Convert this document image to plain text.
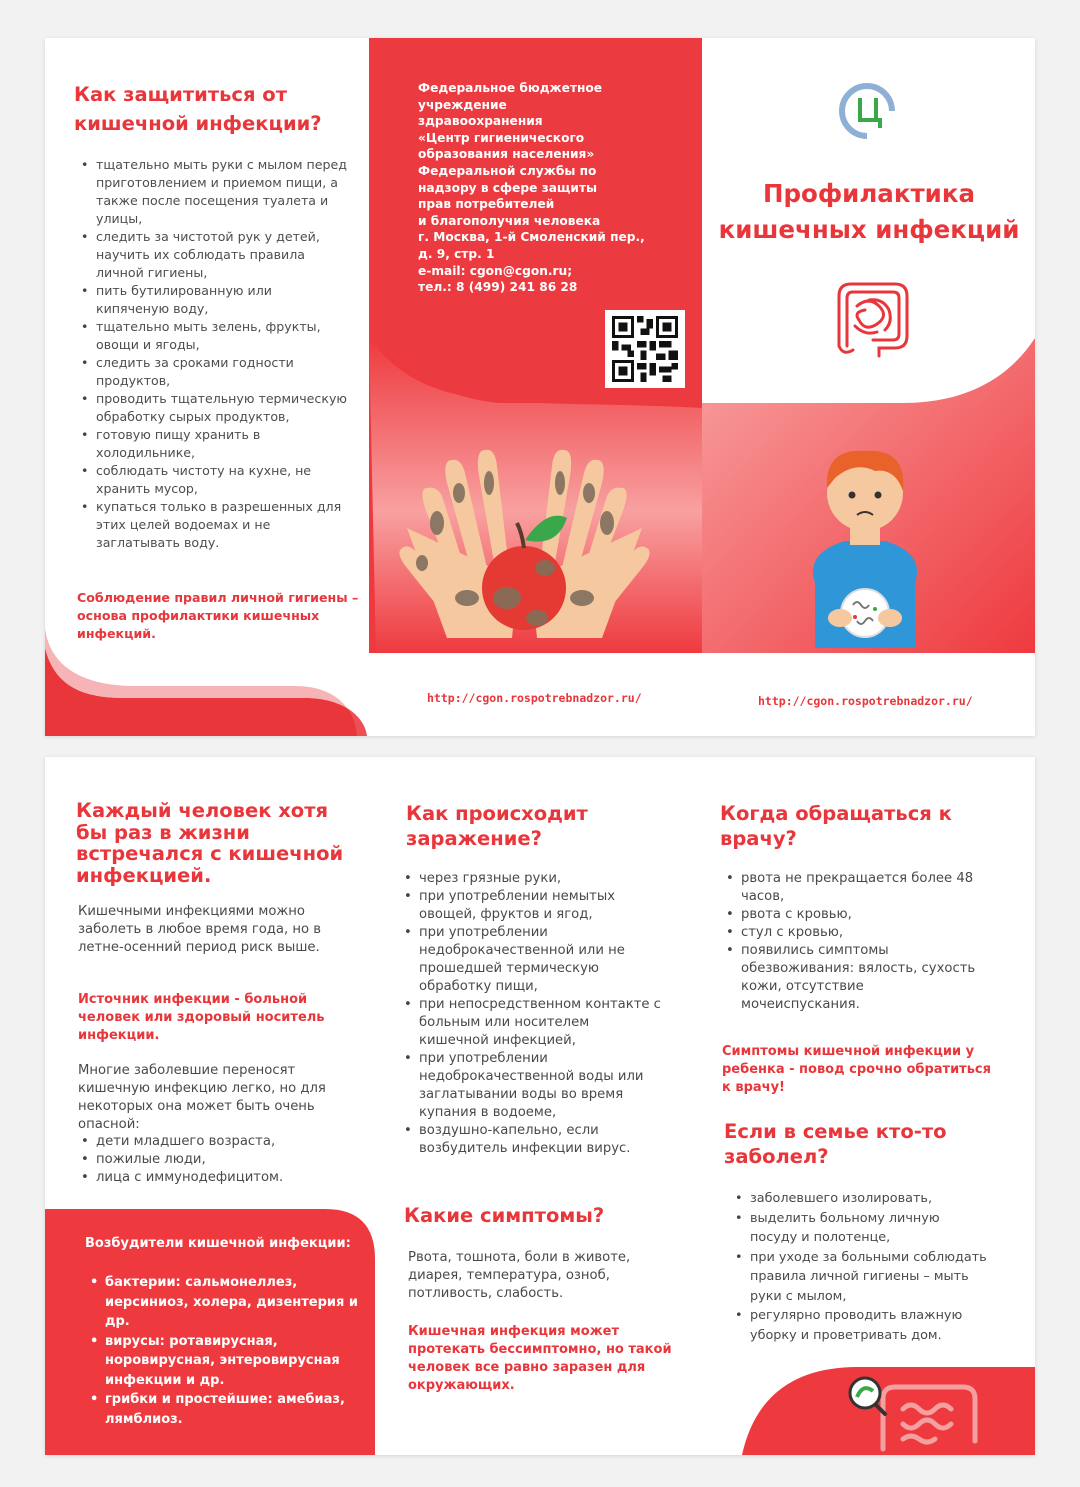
Как защититься от кишечной инфекции?
• тщательно мыть руки с мылом перед приготовлением и приемом пищи, а также после посещения туалета и улицы,
• следить за чистотой рук у детей, научить их соблюдать правила личной гигиены,
• пить бутилированную или кипяченую воду,
• тщательно мыть зелень, фрукты, овощи и ягоды,
• следить за сроками годности продуктов,
• проводить тщательную термическую обработку сырых продуктов,
• готовую пищу хранить в холодильнике,
• соблюдать чистоту на кухне, не хранить мусор,
• купаться только в разрешенных для этих целей водоемах и не заглатывать воду.

Соблюдение правил личной гигиены – основа профилактики кишечных инфекций.

Федеральное бюджетное
учреждение
здравоохранения
«Центр гигиенического
образования населения»
Федеральной службы по
надзору в сфере защиты
прав потребителей
и благополучия человека
г. Москва, 1-й Смоленский пер.,
д. 9, стр. 1
e-mail: cgon@cgon.ru;
тел.: 8 (499) 241 86 28
http://cgon.rospotrebnadzor.ru/
Профилактика
кишечных инфекций
http://cgon.rospotrebnadzor.ru/
Каждый человек хотя бы раз в жизни встречался с кишечной инфекцией.

Кишечными инфекциями можно заболеть в любое время года, но в летне-осенний период риск выше.

Источник инфекции - больной человек или здоровый носитель инфекции.

Многие заболевшие переносят кишечную инфекцию легко, но для некоторых она может быть очень опасной:

• дети младшего возраста,
• пожилые люди,
• лица с иммунодефицитом.
Возбудители кишечной инфекции:
• бактерии: сальмонеллез, иерсиниоз, холера, дизентерия и др.
• вирусы: ротавирусная, норовирусная, энтеровирусная инфекции и др.
• грибки и простейшие: амебиаз, лямблиоз.
Как происходит заражение?
• через грязные руки,
• при употреблении немытых овощей, фруктов и ягод,
• при употреблении недоброкачественной или не прошедшей термическую обработку пищи,
• при непосредственном контакте с больным или носителем кишечной инфекцией,
• при употреблении недоброкачественной воды или заглатывании воды во время купания в водоеме,
• воздушно-капельно, если возбудитель инфекции вирус.
Какие симптомы?

Рвота, тошнота, боли в животе, диарея, температура, озноб, потливость, слабость.

Кишечная инфекция может протекать бессимптомно, но такой человек все равно заразен для окружающих.

Когда обращаться к врачу?
• рвота не прекращается более 48 часов,
• рвота с кровью,
• стул с кровью,
• появились симптомы обезвоживания: вялость, сухость кожи, отсутствие мочеиспускания.

Симптомы кишечной инфекции у ребенка - повод срочно обратиться к врачу!

Если в семье кто-то заболел?
• заболевшего изолировать,
• выделить больному личную посуду и полотенце,
• при уходе за больными соблюдать правила личной гигиены – мыть руки с мылом,
• регулярно проводить влажную уборку и проветривать дом.
